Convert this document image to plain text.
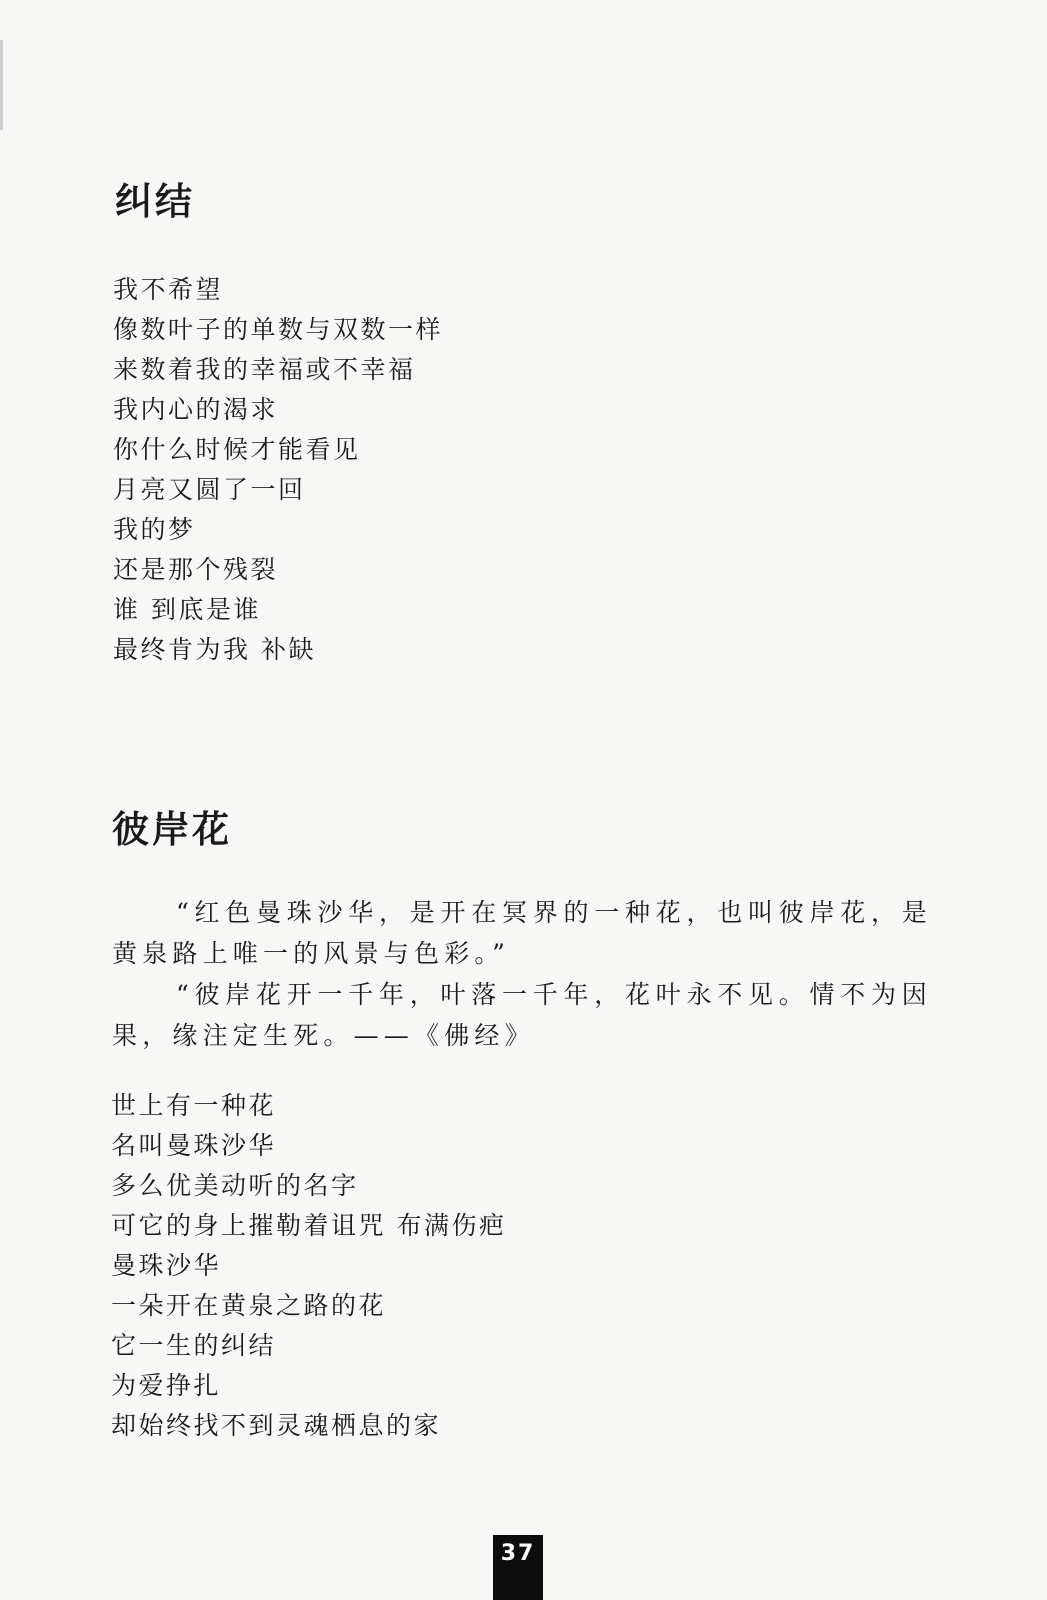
纠结
我不希望
像数叶子的单数与双数一样
来数着我的幸福或不幸福
我内心的渴求
你什么时候才能看见
月亮又圆了一回
我的梦
还是那个残裂
谁 到底是谁
最终肯为我 补缺
彼岸花

“红色曼珠沙华，是开在冥界的一种花，也叫彼岸花，是黄泉路上唯一的风景与色彩。”

“彼岸花开一千年，叶落一千年，花叶永不见。情不为因果，缘注定生死。——《佛经》

世上有一种花
名叫曼珠沙华
多么优美动听的名字
可它的身上摧勒着诅咒 布满伤疤
曼珠沙华
一朵开在黄泉之路的花
它一生的纠结
为爱挣扎
却始终找不到灵魂栖息的家
37
